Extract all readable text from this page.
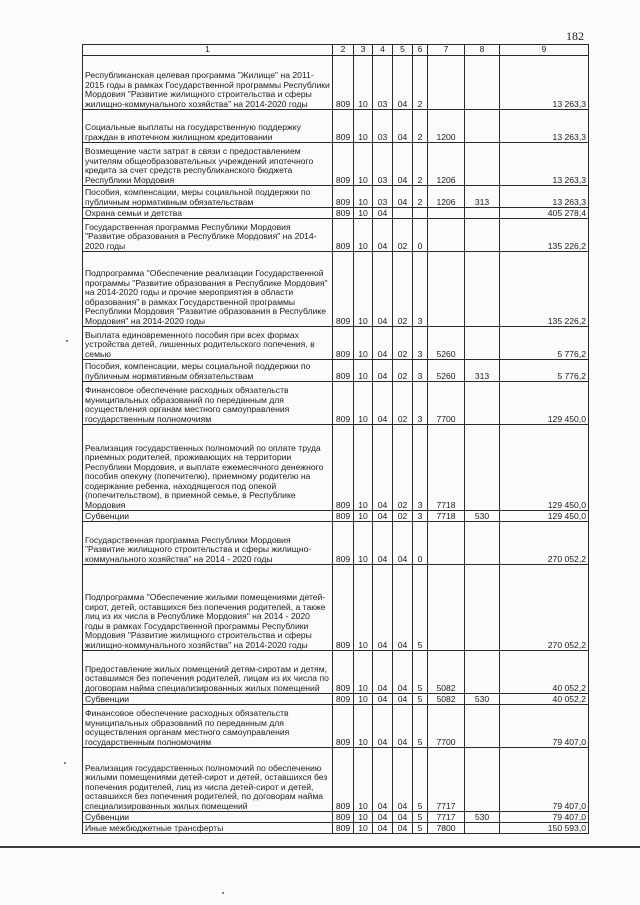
182
1	2	3	4	5	6	7	8	9
Республиканская целевая программа "Жилище" на 2011-2015 годы в рамках Государственной программы Республики Мордовия "Развитие жилищного строительства и сферы жилищно-коммунального хозяйства" на 2014-2020 годы	809	10	03	04	2			13 263,3
Социальные выплаты на государственную поддержку граждан в ипотечном жилищном кредитовании	809	10	03	04	2	1200		13 263,3
Возмещение части затрат в связи с предоставлением учителям общеобразовательных учреждений ипотечного кредита за счет средств республиканского бюджета Республики Мордовия	809	10	03	04	2	1206		13 263,3
Пособия, компенсации, меры социальной поддержки по публичным нормативным обязательствам	809	10	03	04	2	1206	313	13 263,3
Охрана семьи и детства	809	10	04					405 278,4
Государственная программа Республики Мордовия "Развитие образования в Республике Мордовия" на 2014-2020 годы	809	10	04	02	0			135 226,2
Подпрограмма "Обеспечение реализации Государственной программы "Развитие образования в Республике Мордовия" на 2014-2020 годы и прочие мероприятия в области образования" в рамках Государственной программы Республики Мордовия "Развитие образования в Республике Мордовия" на 2014-2020 годы	809	10	04	02	3			135 226,2
Выплата единовременного пособия при всех формах устройства детей, лишенных родительского попечения, в семью	809	10	04	02	3	5260		5 776,2
Пособия, компенсации, меры социальной поддержки по публичным нормативным обязательствам	809	10	04	02	3	5260	313	5 776,2
Финансовое обеспечение расходных обязательств муниципальных образований по переданным для осуществления органам местного самоуправления государственным полномочиям	809	10	04	02	3	7700		129 450,0
Реализация государственных полномочий по оплате труда приемных родителей, проживающих на территории Республики Мордовия, и выплате ежемесячного денежного пособия опекуну (попечителю), приемному родителю на содержание ребенка, находящегося под опекой (попечительством), в приемной семье, в Республике Мордовия	809	10	04	02	3	7718		129 450,0
Субвенции	809	10	04	02	3	7718	530	129 450,0
Государственная программа Республики Мордовия "Развитие жилищного строительства и сферы жилищно-коммунального хозяйства" на 2014 - 2020 годы	809	10	04	04	0			270 052,2
Подпрограмма "Обеспечение жилыми помещениями детей-сирот, детей, оставшихся без попечения родителей, а также лиц из их числа в Республике Мордовия" на 2014 - 2020 годы в рамках Государственной программы Республики Мордовия "Развитие жилищного строительства и сферы жилищно-коммунального хозяйства" на 2014-2020 годы	809	10	04	04	5			270 052,2
Предоставление жилых помещений детям-сиротам и детям, оставшимся без попечения родителей, лицам из их числа по договорам найма специализированных жилых помещений	809	10	04	04	5	5082		40 052,2
Субвенции	809	10	04	04	5	5082	530	40 052,2
Финансовое обеспечение расходных обязательств муниципальных образований по переданным для осуществления органам местного самоуправления государственным полномочиям	809	10	04	04	5	7700		79 407,0
Реализация государственных полномочий по обеспечению жилыми помещениями детей-сирот и детей, оставшихся без попечения родителей, лиц из числа детей-сирот и детей, оставшихся без попечения родителей, по договорам найма специализированных жилых помещений	809	10	04	04	5	7717		79 407,0
Субвенции	809	10	04	04	5	7717	530	79 407,0
Иные межбюджетные трансферты	809	10	04	04	5	7800		150 593,0
